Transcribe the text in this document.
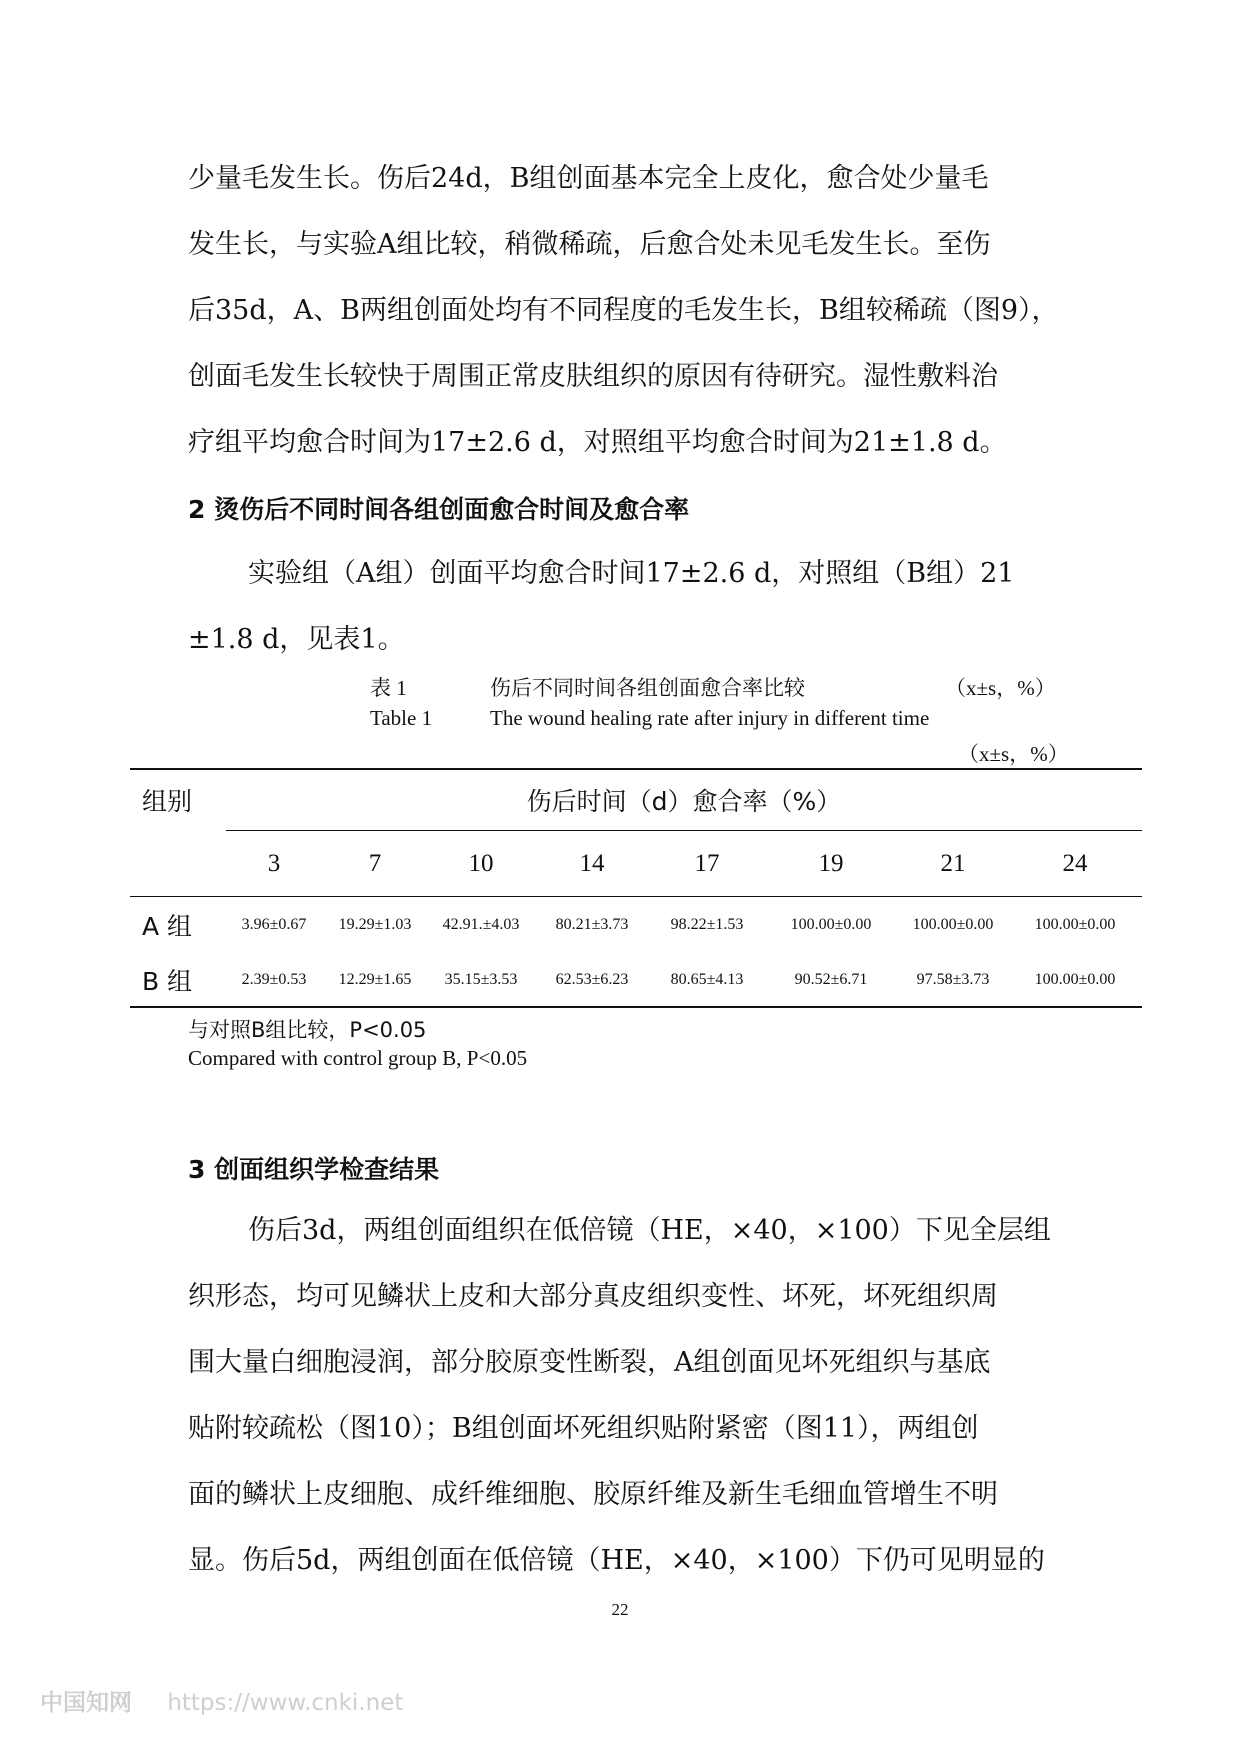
少量毛发生长。伤后24d，B组创面基本完全上皮化，愈合处少量毛
发生长，与实验A组比较，稍微稀疏，后愈合处未见毛发生长。至伤
后35d，A、B两组创面处均有不同程度的毛发生长，B组较稀疏（图9），
创面毛发生长较快于周围正常皮肤组织的原因有待研究。湿性敷料治
疗组平均愈合时间为17±2.6 d，对照组平均愈合时间为21±1.8 d。
2 烫伤后不同时间各组创面愈合时间及愈合率
实验组（A组）创面平均愈合时间17±2.6 d，对照组（B组）21
±1.8 d，见表1。
表 1	伤后不同时间各组创面愈合率比较	（x±s，%）
Table 1	The wound healing rate after injury in different time
（x±s，%）
组别	伤后时间（d）愈合率（%）							
	3	7	10	14	17	19	21	24
A 组	3.96±0.67	19.29±1.03	42.91.±4.03	80.21±3.73	98.22±1.53	100.00±0.00	100.00±0.00	100.00±0.00
B 组	2.39±0.53	12.29±1.65	35.15±3.53	62.53±6.23	80.65±4.13	90.52±6.71	97.58±3.73	100.00±0.00
与对照B组比较，P<0.05
Compared with control group B, P<0.05
3 创面组织学检查结果
伤后3d，两组创面组织在低倍镜（HE，×40，×100）下见全层组
织形态，均可见鳞状上皮和大部分真皮组织变性、坏死，坏死组织周
围大量白细胞浸润，部分胶原变性断裂，A组创面见坏死组织与基底
贴附较疏松（图10）；B组创面坏死组织贴附紧密（图11），两组创
面的鳞状上皮细胞、成纤维细胞、胶原纤维及新生毛细血管增生不明
显。伤后5d，两组创面在低倍镜（HE，×40，×100）下仍可见明显的
22
中国知网 https://www.cnki.net
